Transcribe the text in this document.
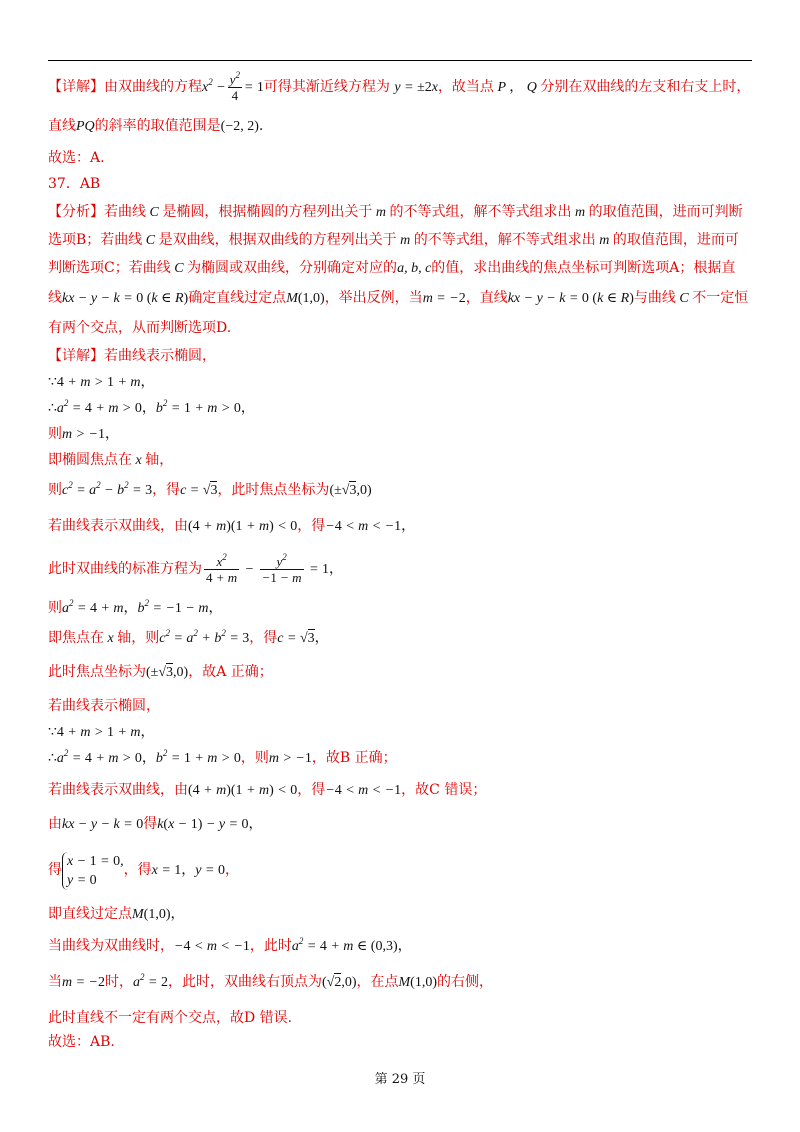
【详解】由双曲线的方程$x^2 - \frac{y^2}{4} = 1$可得其渐近线方程为 y = ±2x，故当点 P ， Q 分别在双曲线的左支和右支上时，
直线PQ的斜率的取值范围是(−2, 2).
故选：A.
37．AB
【分析】若曲线 C 是椭圆，根据椭圆的方程列出关于 m 的不等式组，解不等式组求出 m 的取值范围，进而可判断
选项B；若曲线 C 是双曲线，根据双曲线的方程列出关于 m 的不等式组，解不等式组求出 m 的取值范围，进而可
判断选项C；若曲线 C 为椭圆或双曲线，分别确定对应的a, b, c的值，求出曲线的焦点坐标可判断选项A；根据直
线kx − y − k = 0 (k ∈ R)确定直线过定点M(1,0)，举出反例，当m = −2，直线kx − y − k = 0 (k ∈ R)与曲线 C 不一定恒
有两个交点，从而判断选项D.
【详解】若曲线表示椭圆，
∵4 + m > 1 + m，
$\therefore a^2 = 4 + m > 0$，$b^2 = 1 + m > 0$，
则m > −1，
即椭圆焦点在 x 轴，
则$c^2 = a^2 - b^2 = 3$，得c = √3，此时焦点坐标为(±√3,0)
若曲线表示双曲线，由(4 + m)(1 + m) < 0，得−4 < m < −1，
此时双曲线的标准方程为 $\frac{x^2}{4 + m} - \frac{y^2}{-1 - m} = 1$，
则$a^2 = 4 + m$，$b^2 = -1 - m$，
即焦点在 x 轴，则$c^2 = a^2 + b^2 = 3$，得c = √3，
此时焦点坐标为(±√3,0)，故A 正确；
若曲线表示椭圆，
∵4 + m > 1 + m，
$\therefore a^2 = 4 + m > 0$，$b^2 = 1 + m > 0$，则m > −1，故B 正确；
若曲线表示双曲线，由(4 + m)(1 + m) < 0，得−4 < m < −1，故C 错误；
由kx − y − k = 0得k(x − 1) − y = 0，
得
x − 1 = 0,
y = 0
，得x = 1，y = 0，
即直线过定点M(1,0)，
当曲线为双曲线时，−4 < m < −1，此时$a^2 = 4 + m$ ∈ (0,3)，
当m = −2时，$a^2 = 2$，此时，双曲线右顶点为(√2,0)，在点M(1,0)的右侧，
此时直线不一定有两个交点，故D 错误.
故选：AB.
第 29 页
